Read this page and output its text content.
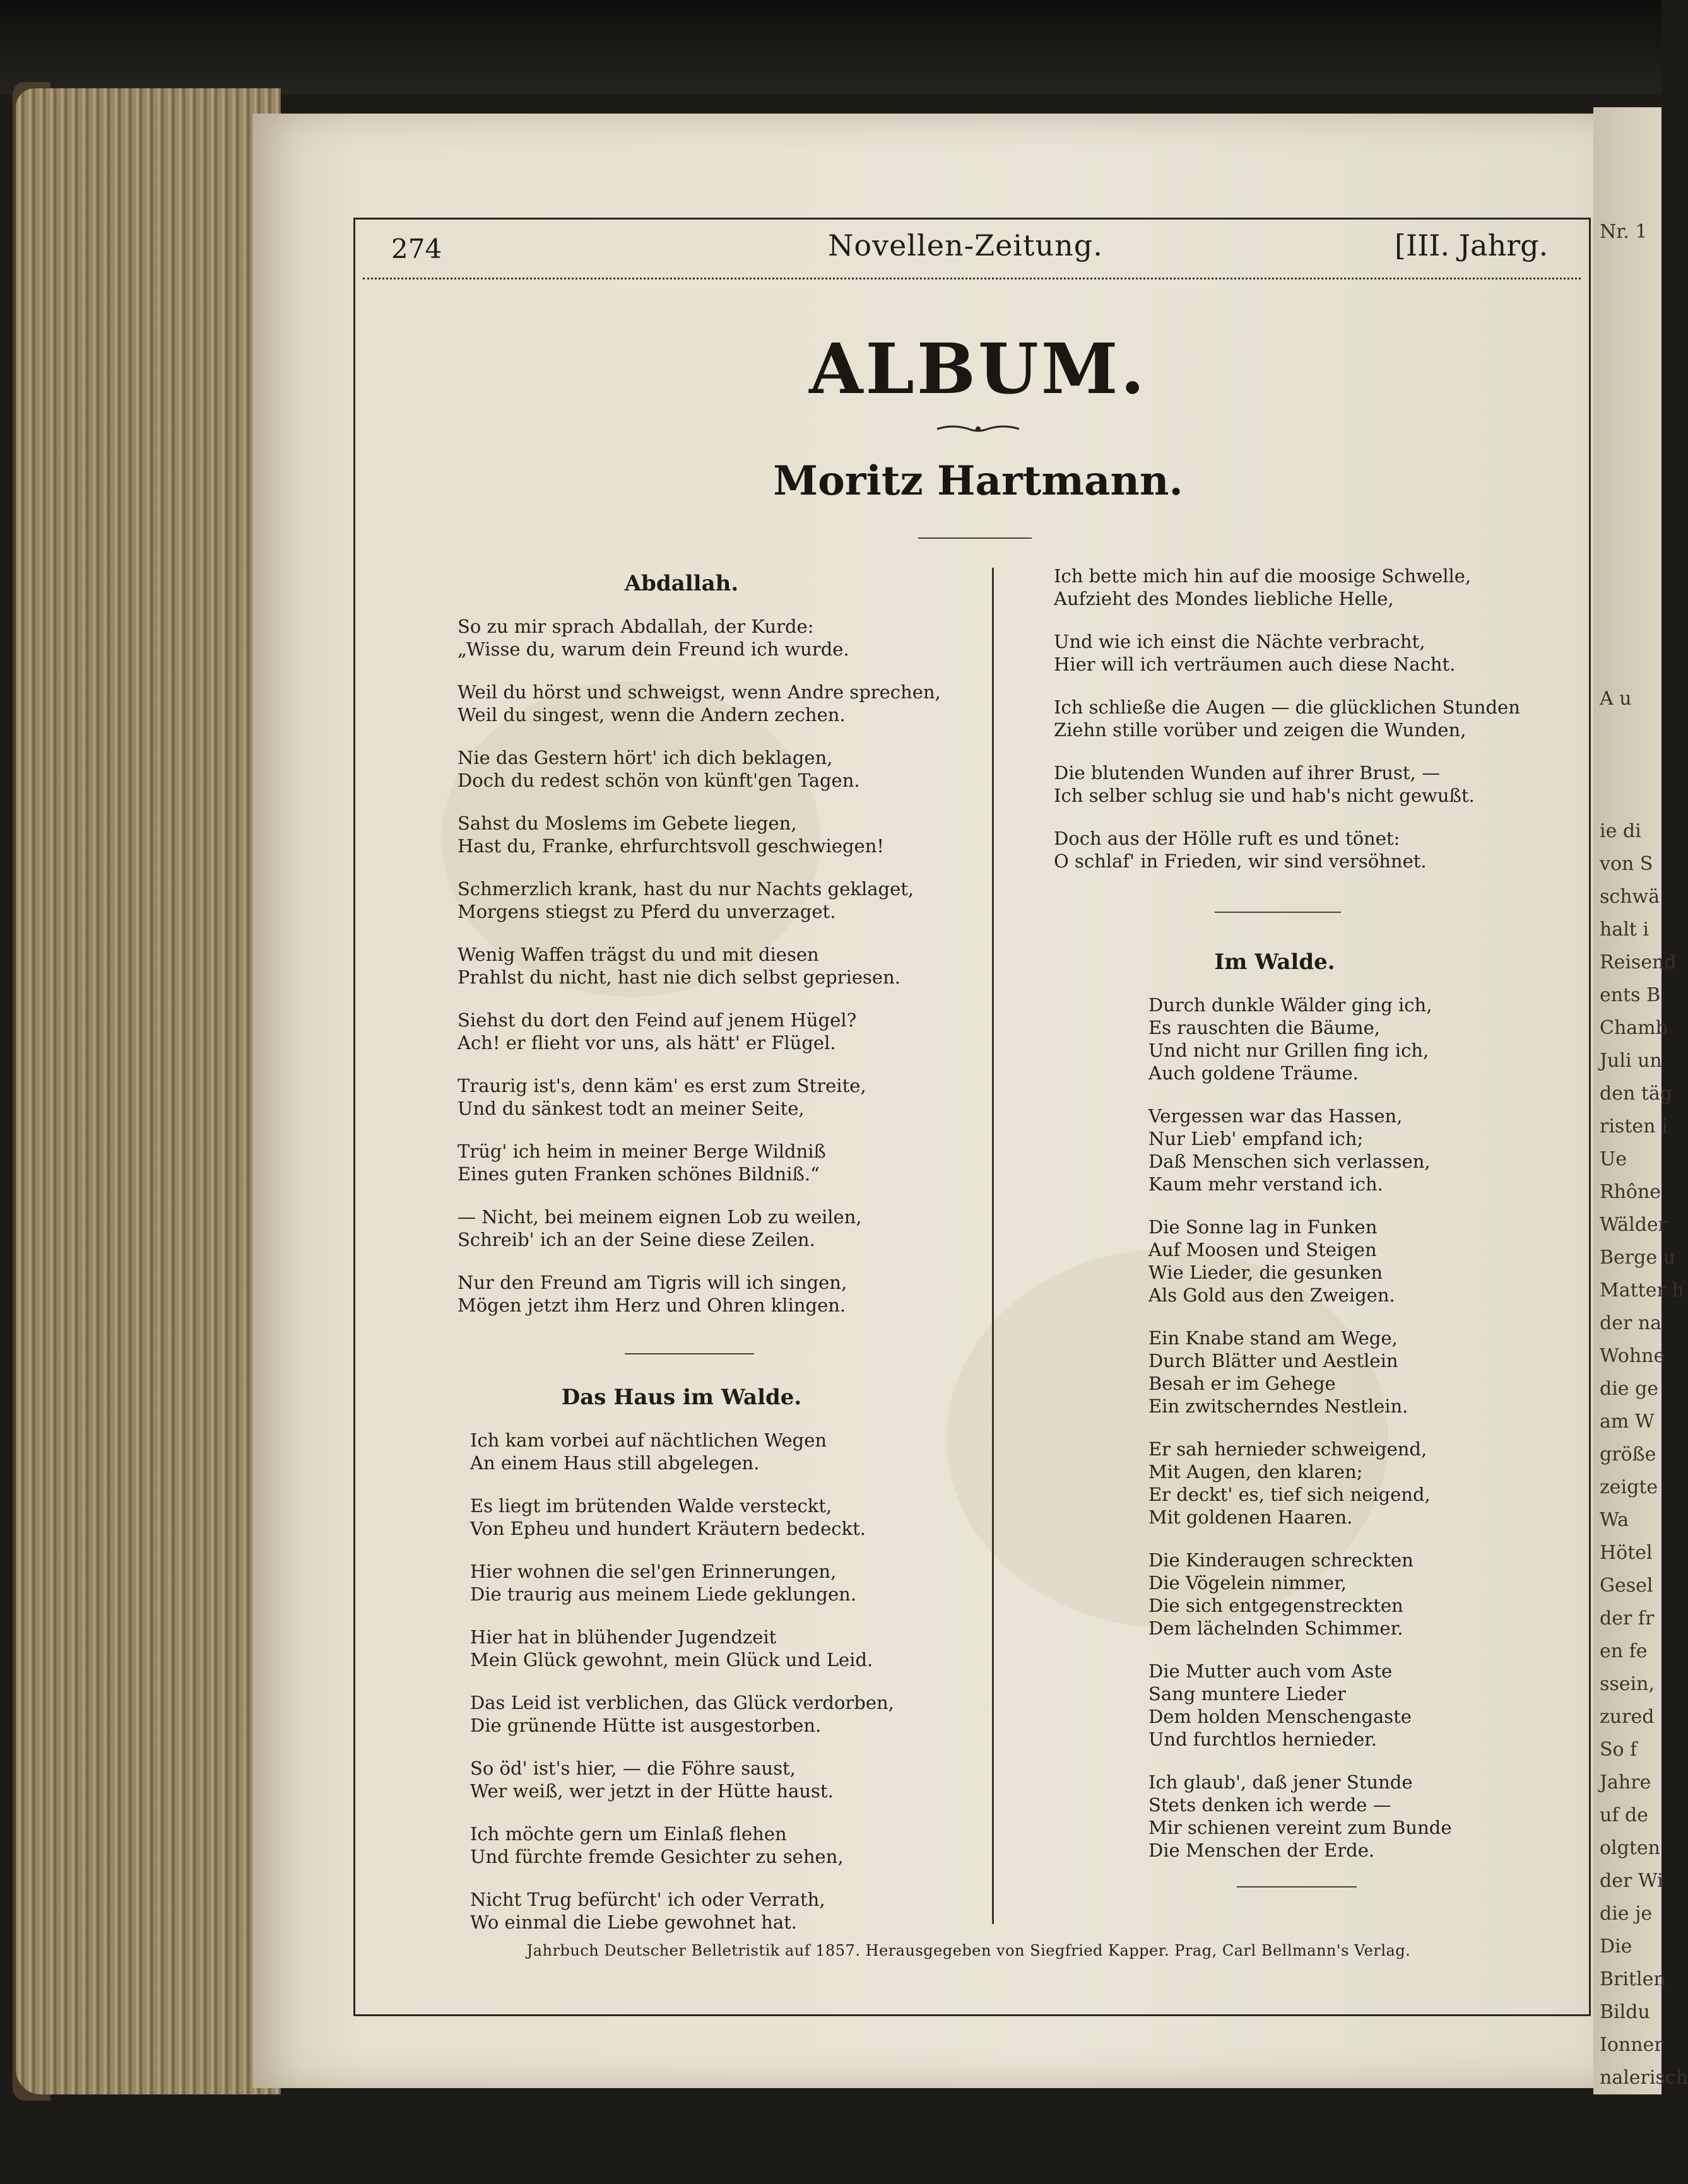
Nr. 1
A u
ie di
von S
schwä
halt i
Reisend
ents B
Chamb
Juli un
den täg
risten i
Ue
Rhône
Wälder
Berge u
Matter h
der na
Wohne
die ge
am W
größe
zeigte
Wa
Hötel
Gesel
der fr
en fe
ssein,
zured
So f
Jahre
uf de
olgten
der Wi
die je
Die
Britlen
Bildu
Ionner
nalerisch
274	Novellen-Zeitung.	[III. Jahrg.
ALBUM.
Moritz Hartmann.
Abdallah.
So zu mir sprach Abdallah, der Kurde:
„Wisse du, warum dein Freund ich wurde.
Weil du hörst und schweigst, wenn Andre sprechen,
Weil du singest, wenn die Andern zechen.
Nie das Gestern hört' ich dich beklagen,
Doch du redest schön von künft'gen Tagen.
Sahst du Moslems im Gebete liegen,
Hast du, Franke, ehrfurchtsvoll geschwiegen!
Schmerzlich krank, hast du nur Nachts geklaget,
Morgens stiegst zu Pferd du unverzaget.
Wenig Waffen trägst du und mit diesen
Prahlst du nicht, hast nie dich selbst gepriesen.
Siehst du dort den Feind auf jenem Hügel?
Ach! er flieht vor uns, als hätt' er Flügel.
Traurig ist's, denn käm' es erst zum Streite,
Und du sänkest todt an meiner Seite,
Trüg' ich heim in meiner Berge Wildniß
Eines guten Franken schönes Bildniß.“
— Nicht, bei meinem eignen Lob zu weilen,
Schreib' ich an der Seine diese Zeilen.
Nur den Freund am Tigris will ich singen,
Mögen jetzt ihm Herz und Ohren klingen.
Das Haus im Walde.
Ich kam vorbei auf nächtlichen Wegen
An einem Haus still abgelegen.
Es liegt im brütenden Walde versteckt,
Von Epheu und hundert Kräutern bedeckt.
Hier wohnen die sel'gen Erinnerungen,
Die traurig aus meinem Liede geklungen.
Hier hat in blühender Jugendzeit
Mein Glück gewohnt, mein Glück und Leid.
Das Leid ist verblichen, das Glück verdorben,
Die grünende Hütte ist ausgestorben.
So öd' ist's hier, — die Föhre saust,
Wer weiß, wer jetzt in der Hütte haust.
Ich möchte gern um Einlaß flehen
Und fürchte fremde Gesichter zu sehen,
Nicht Trug befürcht' ich oder Verrath,
Wo einmal die Liebe gewohnet hat.
Ich bette mich hin auf die moosige Schwelle,
Aufzieht des Mondes liebliche Helle,
Und wie ich einst die Nächte verbracht,
Hier will ich verträumen auch diese Nacht.
Ich schließe die Augen — die glücklichen Stunden
Ziehn stille vorüber und zeigen die Wunden,
Die blutenden Wunden auf ihrer Brust, —
Ich selber schlug sie und hab's nicht gewußt.
Doch aus der Hölle ruft es und tönet:
O schlaf' in Frieden, wir sind versöhnet.
Im Walde.
Durch dunkle Wälder ging ich,
Es rauschten die Bäume,
Und nicht nur Grillen fing ich,
Auch goldene Träume.
Vergessen war das Hassen,
Nur Lieb' empfand ich;
Daß Menschen sich verlassen,
Kaum mehr verstand ich.
Die Sonne lag in Funken
Auf Moosen und Steigen
Wie Lieder, die gesunken
Als Gold aus den Zweigen.
Ein Knabe stand am Wege,
Durch Blätter und Aestlein
Besah er im Gehege
Ein zwitscherndes Nestlein.
Er sah hernieder schweigend,
Mit Augen, den klaren;
Er deckt' es, tief sich neigend,
Mit goldenen Haaren.
Die Kinderaugen schreckten
Die Vögelein nimmer,
Die sich entgegenstreckten
Dem lächelnden Schimmer.
Die Mutter auch vom Aste
Sang muntere Lieder
Dem holden Menschengaste
Und furchtlos hernieder.
Ich glaub', daß jener Stunde
Stets denken ich werde —
Mir schienen vereint zum Bunde
Die Menschen der Erde.
Jahrbuch Deutscher Belletristik auf 1857. Herausgegeben von Siegfried Kapper. Prag, Carl Bellmann's Verlag.
